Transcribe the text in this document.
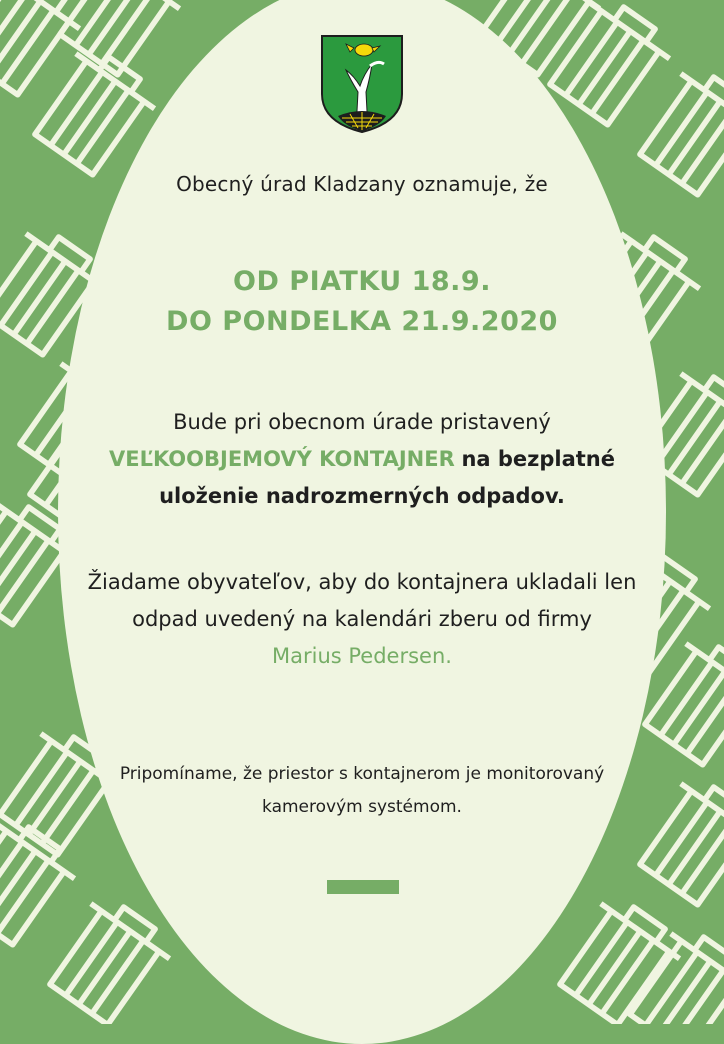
Obecný úrad Kladzany oznamuje, že
OD PIATKU 18.9.
DO PONDELKA 21.9.2020
Bude pri obecnom úrade pristavený
VEĽKOOBJEMOVÝ KONTAJNER na bezplatné
uloženie nadrozmerných odpadov.
Žiadame obyvateľov, aby do kontajnera ukladali len odpad uvedený na kalendári zberu od firmy
Marius Pedersen.
Pripomíname, že priestor s kontajnerom je monitorovaný kamerovým systémom.
